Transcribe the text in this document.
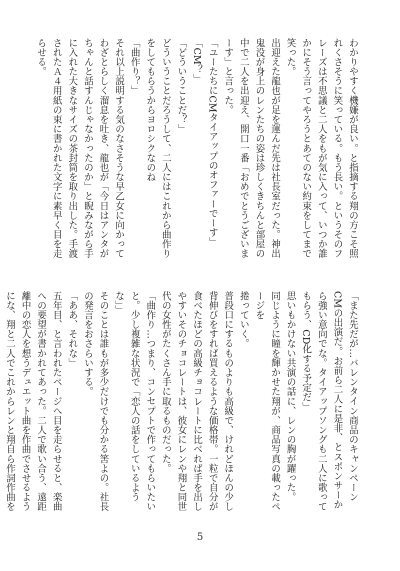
わかりやすく機嫌が良い。と指摘する翔の方こそ照れくさそうに笑っている。もう長い。というそのフレーズは不思議と二人をもが気に入って、いつか誰かにそう言ってやろうとあてのない約束をしてまで笑った。

出迎えた龍也が足を運んだ先は社長室だった。神出鬼没が身上のレンたちの姿は珍しくきちんと部屋の中で二人を出迎え、開口一番「おめでとうございまーす」と言った。

「ユーたちにCMタイアップのオファーでーす」

「CM？」

「どういうことだ？」

どういうことだろうして、二人にはこれから曲作りをしてもらうからヨロシクなのね

「曲作り？」

それ以上説明する気のなさそうな早乙女に向かってわざとらしく溜息を吐き、龍也が「今日はアンタがちゃんと話すんじゃなかったのか」と睨みながら手に入れた大きなサイズの茶封筒を取り出した。手渡されたＡ４用紙の束に書かれた文字に素早く目を走らせる。

「また先だが…バレンタイン商品のキャンペーンCMの出演だ。お前ら二人に是非、とスポンサーから強い意向でな。タイアップソングも二人に歌ってもらう、CD化する予定だ」

思いもかけない共演の話に、レンの胸が躍った。

同じように瞳を輝かせた翔が、商品写真の載ったページを

捲っていく。

普段口にするものよりも高級で、けれどほんの少し背伸びをすれば買えるような価格帯。一粒で自分が食べたほどの高級チョコレートに比べれば手を出しやすいそのチョコレートは、彼女にレンや翔と同世代の女性がたくさん手に取るものだった。

「曲作り…つまり、コンセプトで作ってもらいたいと。少し複雑な状況で「恋人の話をしているような」」

そのことは誰もが多少だけでも分かる筈よの。社長の発言をおさらいする。

「ああ、それな」

五年目、と言われたページへ目を走らせると、楽曲への要望が書かれてあった。二人で歌い合う、遠距離中の恋人を想うデュエット曲を作曲でさせるようにな、翔と二人でこれからレンと翔自ら作詞作曲を

5
